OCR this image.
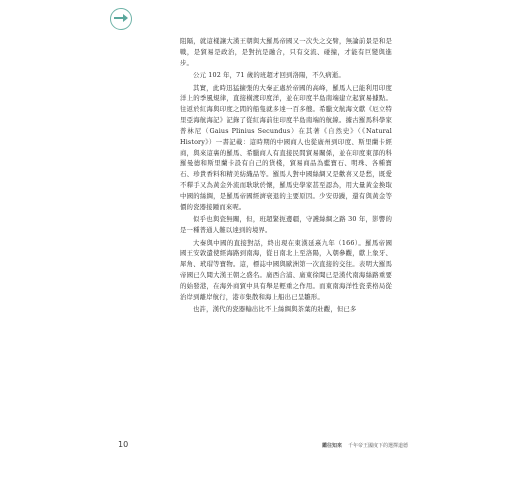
阻隔，就這樣讓大漢王朝與大羅馬帝國又一次失之交臂，無論前景是和是戰，是貿易是政治，是對抗是融合，只有交流、碰撞，才能有巨變與進步。

公元 102 年，71 歲的班超才回到洛陽，不久病逝。

其實，此時迅猛擴張的大秦正處於帝國的高峰，羅馬人已能利用印度洋上的季風規律，直接橫渡印度洋，並在印度半島南端建立起貿易據點。往返於紅海與印度之間的船隻就多達一百多艘。希臘文航海文獻《厄立特里亞海航海記》記錄了從紅海前往印度半島南端的航線。據古羅馬科學家普林尼（Gaius Plinius Secundus）在其著《自然史》（《Natural History》）一書記載：這時期的中國商人也從廣州到印度、斯里蘭卡經商，與來這裏的羅馬、希臘商人有直接民間貿易關係，並在印度東部的科羅曼德和斯里蘭卡設有自己的貨棧，貿易商品為藍寶石、明珠、各種寶石、珍貴香料和精美紡織品等。羅馬人對中國絲綢又是歡喜又是愁，既愛不釋手又為黃金外流而耿耿於懷，羅馬史學家甚至認為，用大量黃金換取中國的絲綢，是羅馬帝國經濟衰退的主要原因。少安毋躁，還有與黃金等價的瓷器接踵而來呢。

似乎也與瓷無關，但，班超緊扼邊疆，守護絲綢之路 30 年，影響的是一種普通人難以達到的境界。

大秦與中國的直接對話，終出現在東漢延熹九年（166）。羅馬帝國國王安敦遣使經海路到南海，從日南北上至洛陽，入朝參觀，獻上象牙、犀角、玳瑁等寶物。這，標誌中國與歐洲第一次直接的交往。表明大羅馬帝國已久聞大漢王朝之盛名。廣西合浦、廣東徐聞已是漢代南海絲路重要的始發港，在海外商貿中具有舉足輕重之作用。而東南海洋性瓷業格局從治岸到離岸航行，港市集散和海上船出已呈雛形。

也許，漢代的瓷器輸出比不上絲綢與茶葉的壯觀，但已多

10	鑑往知來 千年帝王國度下的選擇道德
